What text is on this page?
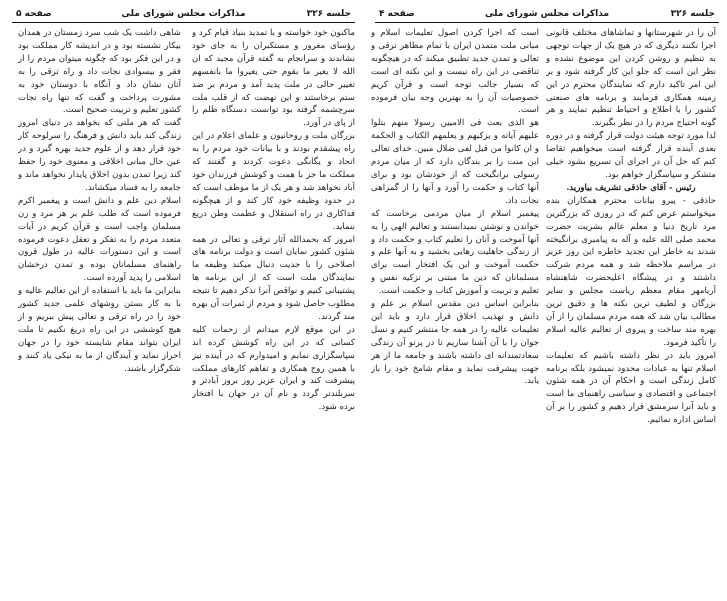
جلسه ۳۲۶
مذاکرات مجلس شورای ملی
صفحه ۵

ماکنون خود خواسته و با تمدید بنیاد قیام کرد و رؤسای مغرور و مستکبران را به جای خود نشاندند و سرانجام به گفته قرآن مجید که ان الله لا یغیر ما بقوم حتی یغیروا ما بانفسهم تغییر حالی در ملت پدید آمد و مردم بر ضد ستم برخاستند و این نهضت که از قلب ملت سرچشمه گرفته بود توانست دستگاه ظلم را از پای در آورد.

بزرگان ملت و روحانیون و علمای اعلام در این راه پیشقدم بودند و با بیانات خود مردم را به اتحاد و یگانگی دعوت کردند و گفتند که مملکت ما جز با همت و کوشش فرزندان خود آباد نخواهد شد و هر یک از ما موظف است که در حدود وظیفه خود کار کند و از هیچگونه فداکاری در راه استقلال و عظمت وطن دریغ ننماید.

امروز که بحمدالله آثار ترقی و تعالی در همه شئون کشور نمایان است و دولت برنامه های اصلاحی را با جدیت دنبال میکند وظیفه ما نمایندگان ملت است که از این برنامه ها پشتیبانی کنیم و نواقص آنرا تذکر دهیم تا نتیجه مطلوب حاصل شود و مردم از ثمرات آن بهره مند گردند.

در این موقع لازم میدانم از زحمات کلیه کسانی که در این راه کوشش کرده اند سپاسگزاری نمایم و امیدوارم که در آینده نیز با همین روح همکاری و تفاهم کارهای مملکت پیشرفت کند و ایران عزیز روز بروز آبادتر و سربلندتر گردد و نام آن در جهان با افتخار برده شود.

شاهی داشت یک شب سرد زمستان در همدان بیکار نشسته بود و در اندیشه کار مملکت بود و در این فکر بود که چگونه میتوان مردم را از فقر و بیسوادی نجات داد و راه ترقی را به آنان نشان داد و آنگاه با دوستان خود به مشورت پرداخت و گفت که تنها راه نجات کشور تعلیم و تربیت صحیح است.

گفت که هر ملتی که بخواهد در دنیای امروز زندگی کند باید دانش و فرهنگ را سرلوحه کار خود قرار دهد و از علوم جدید بهره گیرد و در عین حال مبانی اخلاقی و معنوی خود را حفظ کند زیرا تمدن بدون اخلاق پایدار نخواهد ماند و جامعه را به فساد میکشاند.

اسلام دین علم و دانش است و پیغمبر اکرم فرموده است که طلب علم بر هر مرد و زن مسلمان واجب است و قرآن کریم در آیات متعدد مردم را به تفکر و تعقل دعوت فرموده است و این دستورات عالیه در طول قرون راهنمای مسلمانان بوده و تمدن درخشان اسلامی را پدید آورده است.

بنابراین ما باید با استفاده از این تعالیم عالیه و با به کار بستن روشهای علمی جدید کشور خود را در راه ترقی و تعالی پیش ببریم و از هیچ کوششی در این راه دریغ نکنیم تا ملت ایران بتواند مقام شایسته خود را در جهان احراز نماید و آیندگان از ما به نیکی یاد کنند و شکرگزار باشند.

جلسه ۳۲۶
مذاکرات مجلس شورای ملی
صفحه ۴

آن را در شهرستانها و تماشاهای مختلف قانونی اجرا نکنند دیگری که در هیچ یک از جهات توجهی به تنظیم و روشن کردن این موضوع نشده و نظر این است که جلو این کار گرفته شود و بر این امر تاکید دارم که نمایندگان محترم در این زمینه همکاری فرمایند و برنامه های صنعتی کشور را با اطلاع و احتیاط تنظیم نمایند و هر گونه احتیاج مردم را در نظر بگیرند.

لذا مورد توجه هیئت دولت قرار گرفته و در دوره بعدی آینده قرار گرفته است میخواهیم تقاضا کنم که حل آن در اجرای آن تسریع بشود خیلی متشکر و سپاسگزار خواهم بود.

رئیس - آقای حاذقی تشریف بیاورید.

حاذقی - پیرو بیانات محترم همکاران بنده میخواستم عرض کنم که در روزی که بزرگترین مرد تاریخ دنیا و معلم عالم بشریت حضرت محمد صلی الله علیه و آله به پیامبری برانگیخته شدند به خاطر این تجدید خاطره این روز عزیز در مراسم ملاحظه شد و همه مردم شرکت داشتند و در پیشگاه اعلیحضرت شاهنشاه آریامهر مقام معظم ریاست مجلس و سایر بزرگان و لطیف ترین نکته ها و دقیق ترین مطالب بیان شد که همه مردم مسلمان را از آن بهره مند ساخت و پیروی از تعالیم عالیه اسلام را تأکید فرمود.

امروز باید در نظر داشته باشیم که تعلیمات اسلام تنها به عبادات محدود نمیشود بلکه برنامه کامل زندگی است و احکام آن در همه شئون اجتماعی و اقتصادی و سیاسی راهنمای ما است و باید آنرا سرمشق قرار دهیم و کشور را بر آن اساس اداره نمائیم.

است که اجرا کردن اصول تعلیمات اسلام و مبانی ملت متمدن ایران با تمام مظاهر ترقی و تعالی و تمدن جدید تطبیق میکند که در هیچگونه تناقضی در این راه نیست و این نکته ای است که بسیار جالب توجه است و قرآن کریم خصوصیات آن را به بهترین وجه بیان فرموده است.

هو الذی بعث فی الامیین رسولا منهم یتلوا علیهم آیاته و یزکیهم و یعلمهم الکتاب و الحکمة و ان کانوا من قبل لفی ضلال مبین. خدای تعالی این منت را بر بندگان دارد که از میان مردم رسولی برانگیخت که از خودشان بود و برای آنها کتاب و حکمت را آورد و آنها را از گمراهی نجات داد.

پیغمبر اسلام از میان مردمی برخاست که خواندن و نوشتن نمیدانستند و تعالیم الهی را به آنها آموخت و آنان را تعلیم کتاب و حکمت داد و از زندگی جاهلیت رهایی بخشید و به آنها علم و حکمت آموخت و این یک افتخار است برای مسلمانان که دین ما مبتنی بر تزکیه نفس و تعلیم و تربیت و آموزش کتاب و حکمت است.

بنابراین اساس دین مقدس اسلام بر علم و دانش و تهذیب اخلاق قرار دارد و باید این تعلیمات عالیه را در همه جا منتشر کنیم و نسل جوان را با آن آشنا سازیم تا در پرتو آن زندگی سعادتمندانه ای داشته باشند و جامعه ما از هر جهت پیشرفت نماید و مقام شامخ خود را باز یابد.
